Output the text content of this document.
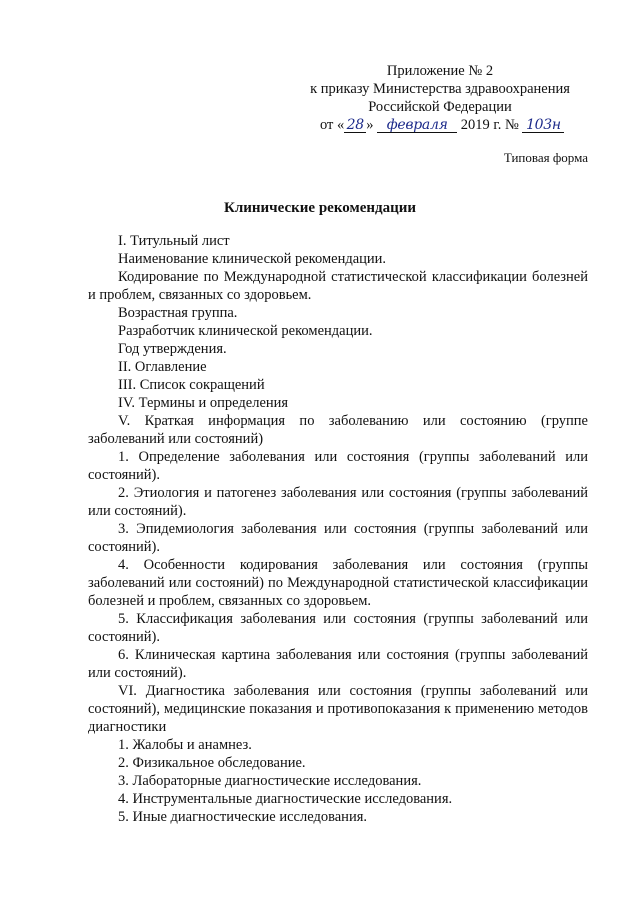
Приложение № 2
к приказу Министерства здравоохранения
Российской Федерации
от « 28 » февраля 2019 г. № 103н
Типовая форма
Клинические рекомендации
I. Титульный лист
Наименование клинической рекомендации.
Кодирование по Международной статистической классификации болезней и проблем, связанных со здоровьем.
Возрастная группа.
Разработчик клинической рекомендации.
Год утверждения.
II. Оглавление
III. Список сокращений
IV. Термины и определения
V. Краткая информация по заболеванию или состоянию (группе заболеваний или состояний)
1. Определение заболевания или состояния (группы заболеваний или состояний).
2. Этиология и патогенез заболевания или состояния (группы заболеваний или состояний).
3. Эпидемиология заболевания или состояния (группы заболеваний или состояний).
4. Особенности кодирования заболевания или состояния (группы заболеваний или состояний) по Международной статистической классификации болезней и проблем, связанных со здоровьем.
5. Классификация заболевания или состояния (группы заболеваний или состояний).
6. Клиническая картина заболевания или состояния (группы заболеваний или состояний).
VI. Диагностика заболевания или состояния (группы заболеваний или состояний), медицинские показания и противопоказания к применению методов диагностики
1. Жалобы и анамнез.
2. Физикальное обследование.
3. Лабораторные диагностические исследования.
4. Инструментальные диагностические исследования.
5. Иные диагностические исследования.
